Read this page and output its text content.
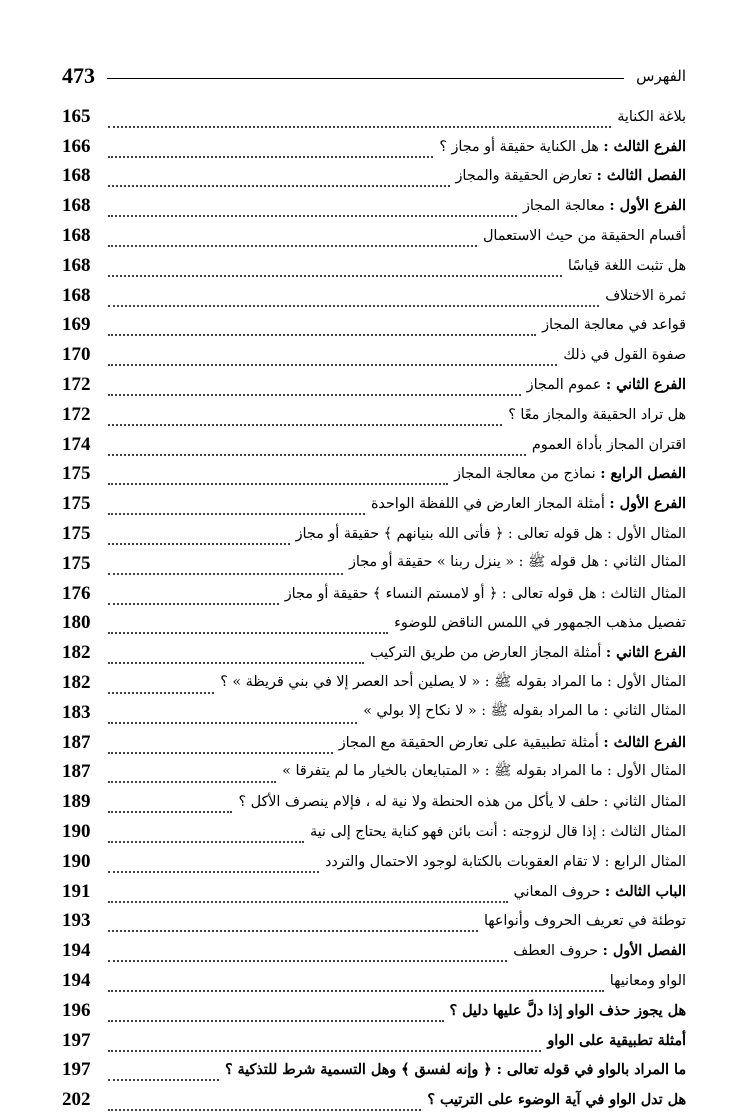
473	الفهرس
165	بلاغة الكناية
166	الفرع الثالث : هل الكناية حقيقة أو مجاز ؟
168	الفصل الثالث : تعارض الحقيقة والمجاز
168	الفرع الأول : معالجة المجاز
168	أقسام الحقيقة من حيث الاستعمال
168	هل تثبت اللغة قياسًا
168	ثمرة الاختلاف
169	قواعد في معالجة المجاز
170	صفوة القول في ذلك
172	الفرع الثاني : عموم المجاز
172	هل تراد الحقيقة والمجاز معًا ؟
174	اقتران المجاز بأداة العموم
175	الفصل الرابع : نماذج من معالجة المجاز
175	الفرع الأول : أمثلة المجاز العارض في اللفظة الواحدة
175	المثال الأول : هل قوله تعالى : ﴿ فأتى الله بنيانهم ﴾ حقيقة أو مجاز
175	المثال الثاني : هل قوله ﷺ : « ينزل ربنا » حقيقة أو مجاز
176	المثال الثالث : هل قوله تعالى : ﴿ أو لامستم النساء ﴾ حقيقة أو مجاز
180	تفصيل مذهب الجمهور في اللمس الناقض للوضوء
182	الفرع الثاني : أمثلة المجاز العارض من طريق التركيب
182	المثال الأول : ما المراد بقوله ﷺ : « لا يصلين أحد العصر إلا في بني قريظة » ؟
183	المثال الثاني : ما المراد بقوله ﷺ : « لا نكاح إلا بولي »
187	الفرع الثالث : أمثلة تطبيقية على تعارض الحقيقة مع المجاز
187	المثال الأول : ما المراد بقوله ﷺ : « المتبايعان بالخيار ما لم يتفرقا »
189	المثال الثاني : حلف لا يأكل من هذه الحنطة ولا نية له ، فإلام ينصرف الأكل ؟
190	المثال الثالث : إذا قال لزوجته : أنت بائن فهو كناية يحتاج إلى نية
190	المثال الرابع : لا تقام العقوبات بالكتابة لوجود الاحتمال والتردد
191	الباب الثالث : حروف المعاني
193	توطئة في تعريف الحروف وأنواعها
194	الفصل الأول : حروف العطف
194	الواو ومعانيها
196	هل يجوز حذف الواو إذا دلَّ عليها دليل ؟
197	أمثلة تطبيقية على الواو
197	ما المراد بالواو في قوله تعالى : ﴿ وإنه لفسق ﴾ وهل التسمية شرط للتذكية ؟
202	هل تدل الواو في آية الوضوء على الترتيب ؟
